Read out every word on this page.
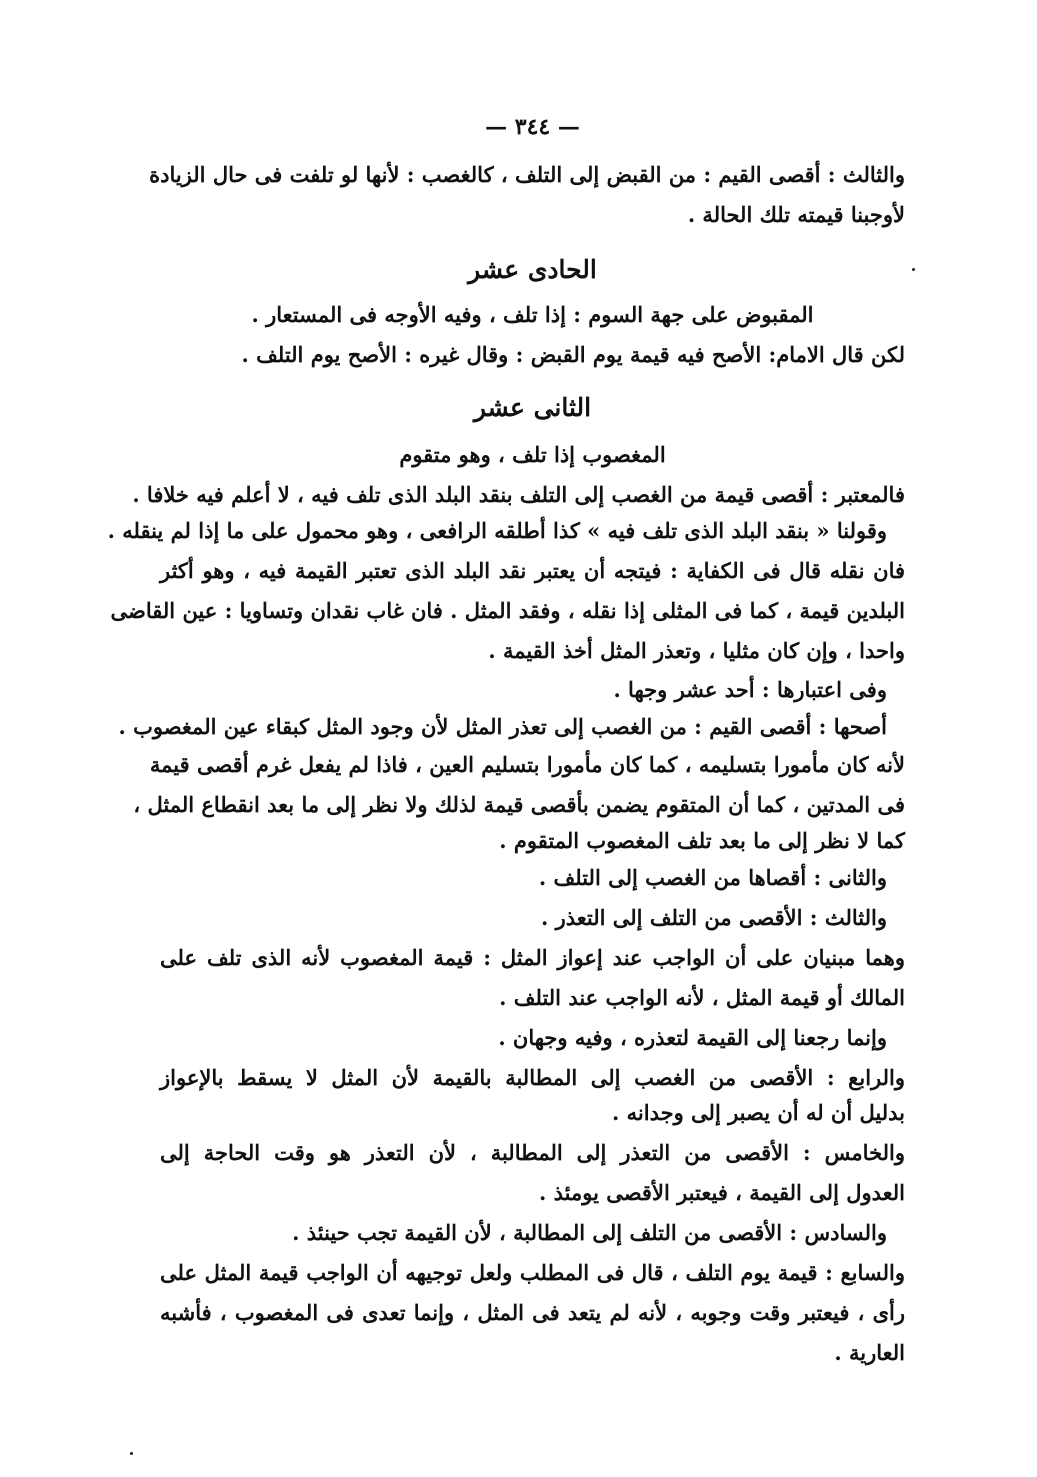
— ٣٤٤ —
والثالث : أقصى القيم : من القبض إلى التلف ، كالغصب : لأنها لو تلفت فى حال الزيادة
لأوجبنا قيمته تلك الحالة .
الحادى عشر
المقبوض على جهة السوم : إذا تلف ، وفيه الأوجه فى المستعار .
لكن قال الامام: الأصح فيه قيمة يوم القبض : وقال غيره : الأصح يوم التلف .
الثانى عشر
المغصوب إذا تلف ، وهو متقوم
فالمعتبر : أقصى قيمة من الغصب إلى التلف بنقد البلد الذى تلف فيه ، لا أعلم فيه خلافا .
وقولنا « بنقد البلد الذى تلف فيه » كذا أطلقه الرافعى ، وهو محمول على ما إذا لم ينقله .
فان نقله قال فى الكفاية : فيتجه أن يعتبر نقد البلد الذى تعتبر القيمة فيه ، وهو أكثر
البلدين قيمة ، كما فى المثلى إذا نقله ، وفقد المثل . فان غاب نقدان وتساويا : عين القاضى
واحدا ، وإن كان مثليا ، وتعذر المثل أخذ القيمة .
وفى اعتبارها : أحد عشر وجها .
أصحها : أقصى القيم : من الغصب إلى تعذر المثل لأن وجود المثل كبقاء عين المغصوب .
لأنه كان مأمورا بتسليمه ، كما كان مأمورا بتسليم العين ، فاذا لم يفعل غرم أقصى قيمة
فى المدتين ، كما أن المتقوم يضمن بأقصى قيمة لذلك ولا نظر إلى ما بعد انقطاع المثل ،
كما لا نظر إلى ما بعد تلف المغصوب المتقوم .
والثانى : أقصاها من الغصب إلى التلف .
والثالث : الأقصى من التلف إلى التعذر .
وهما مبنيان على أن الواجب عند إعواز المثل : قيمة المغصوب لأنه الذى تلف على
المالك أو قيمة المثل ، لأنه الواجب عند التلف .
وإنما رجعنا إلى القيمة لتعذره ، وفيه وجهان .
والرابع : الأقصى من الغصب إلى المطالبة بالقيمة لأن المثل لا يسقط بالإعواز
بدليل أن له أن يصبر إلى وجدانه .
والخامس : الأقصى من التعذر إلى المطالبة ، لأن التعذر هو وقت الحاجة إلى
العدول إلى القيمة ، فيعتبر الأقصى يومئذ .
والسادس : الأقصى من التلف إلى المطالبة ، لأن القيمة تجب حينئذ .
والسابع : قيمة يوم التلف ، قال فى المطلب ولعل توجيهه أن الواجب قيمة المثل على
رأى ، فيعتبر وقت وجوبه ، لأنه لم يتعد فى المثل ، وإنما تعدى فى المغصوب ، فأشبه
العارية .
